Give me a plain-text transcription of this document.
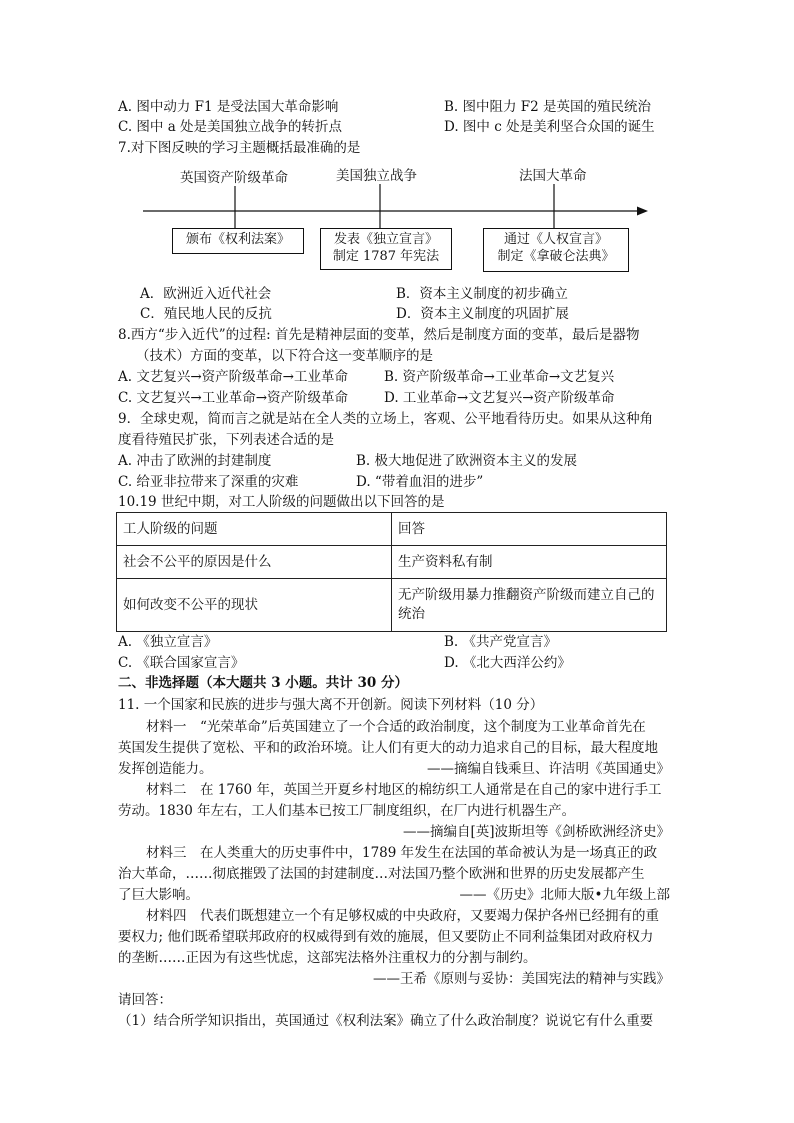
A. 图中动力 F1 是受法国大革命影响	B. 图中阻力 F2 是英国的殖民统治
C. 图中 a 处是美国独立战争的转折点	D. 图中 c 处是美利坚合众国的诞生
7.对下图反映的学习主题概括最准确的是
英国资产阶级革命	美国独立战争	法国大革命
颁布《权利法案》	发表《独立宣言》
制定 1787 年宪法
通过《人权宣言》
制定《拿破仑法典》
A．欧洲近入近代社会	B．资本主义制度的初步确立
C．殖民地人民的反抗	D．资本主义制度的巩固扩展
8.西方“步入近代”的过程: 首先是精神层面的变革，然后是制度方面的变革，最后是器物
（技术）方面的变革，以下符合这一变革顺序的是
A. 文艺复兴→资产阶级革命→工业革命	B. 资产阶级革命→工业革命→文艺复兴
C. 文艺复兴→工业革命→资产阶级革命	D. 工业革命→文艺复兴→资产阶级革命
9．全球史观，简而言之就是站在全人类的立场上，客观、公平地看待历史。如果从这种角
度看待殖民扩张，下列表述合适的是
A. 冲击了欧洲的封建制度	B. 极大地促进了欧洲资本主义的发展
C. 给亚非拉带来了深重的灾难	D. “带着血泪的进步”
10.19 世纪中期，对工人阶级的问题做出以下回答的是
工人阶级的问题	回答
社会不公平的原因是什么	生产资料私有制
如何改变不公平的现状	无产阶级用暴力推翻资产阶级而建立自己的统治
A. 《独立宣言》	B. 《共产党宣言》
C. 《联合国家宣言》	D. 《北大西洋公约》
二、非选择题（本大题共 3 小题。共计 30 分）
11. 一个国家和民族的进步与强大离不开创新。阅读下列材料（10 分）
材料一　“光荣革命”后英国建立了一个合适的政治制度，这个制度为工业革命首先在
英国发生提供了宽松、平和的政治环境。让人们有更大的动力追求自己的目标，最大程度地
发挥创造能力。	——摘编自钱乘旦、许洁明《英国通史》
材料二　在 1760 年，英国兰开夏乡村地区的棉纺织工人通常是在自己的家中进行手工
劳动。1830 年左右，工人们基本已按工厂制度组织，在厂内进行机器生产。
——摘编自[英]波斯坦等《剑桥欧洲经济史》
材料三　在人类重大的历史事件中，1789 年发生在法国的革命被认为是一场真正的政
治大革命，……彻底摧毁了法国的封建制度…对法国乃整个欧洲和世界的历史发展都产生
了巨大影响。	——《历史》北师大版•九年级上部
材料四　代表们既想建立一个有足够权威的中央政府，又要竭力保护各州已经拥有的重
要权力; 他们既希望联邦政府的权威得到有效的施展，但又要防止不同利益集团对政府权力
的垄断……正因为有这些忧虑，这部宪法格外注重权力的分割与制约。
——王希《原则与妥协：美国宪法的精神与实践》
请回答：
（1）结合所学知识指出，英国通过《权利法案》确立了什么政治制度？说说它有什么重要
